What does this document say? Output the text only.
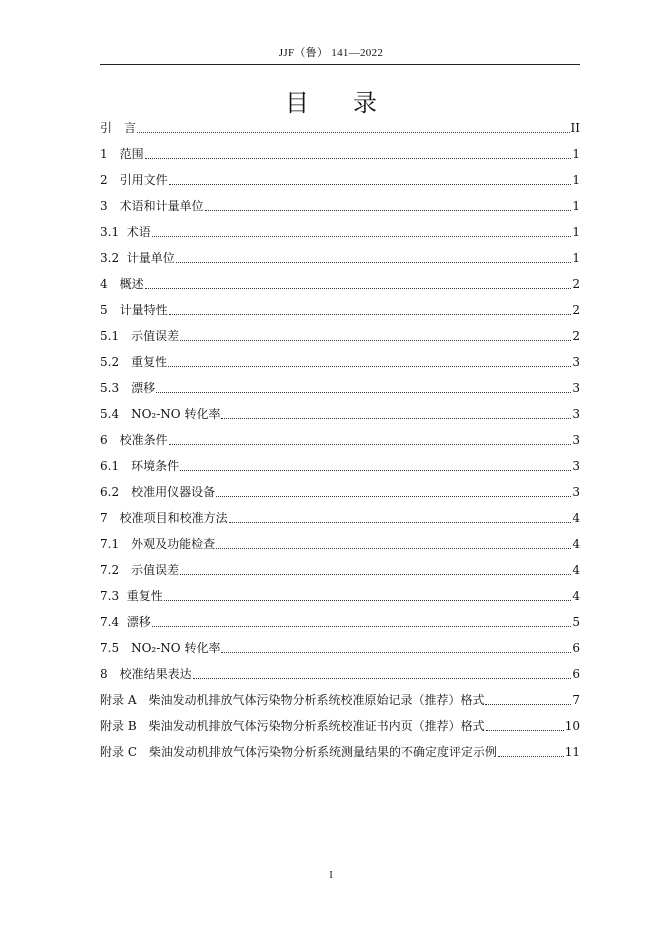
JJF（鲁） 141—2022
目录
引　言	II
1　范围	1
2　引用文件	1
3　术语和计量单位	1
3.1  术语	1
3.2  计量单位	1
4　概述	2
5　计量特性	2
5.1　示值误差	2
5.2　重复性	3
5.3　漂移	3
5.4　NO₂-NO 转化率	3
6　校准条件	3
6.1　环境条件	3
6.2　校准用仪器设备	3
7　校准项目和校准方法	4
7.1　外观及功能检查	4
7.2　示值误差	4
7.3  重复性	4
7.4  漂移	5
7.5　NO₂-NO 转化率	6
8　校准结果表达	6
附录 A　柴油发动机排放气体污染物分析系统校准原始记录（推荐）格式	7
附录 B　柴油发动机排放气体污染物分析系统校准证书内页（推荐）格式	10
附录 C　柴油发动机排放气体污染物分析系统测量结果的不确定度评定示例	11
I
